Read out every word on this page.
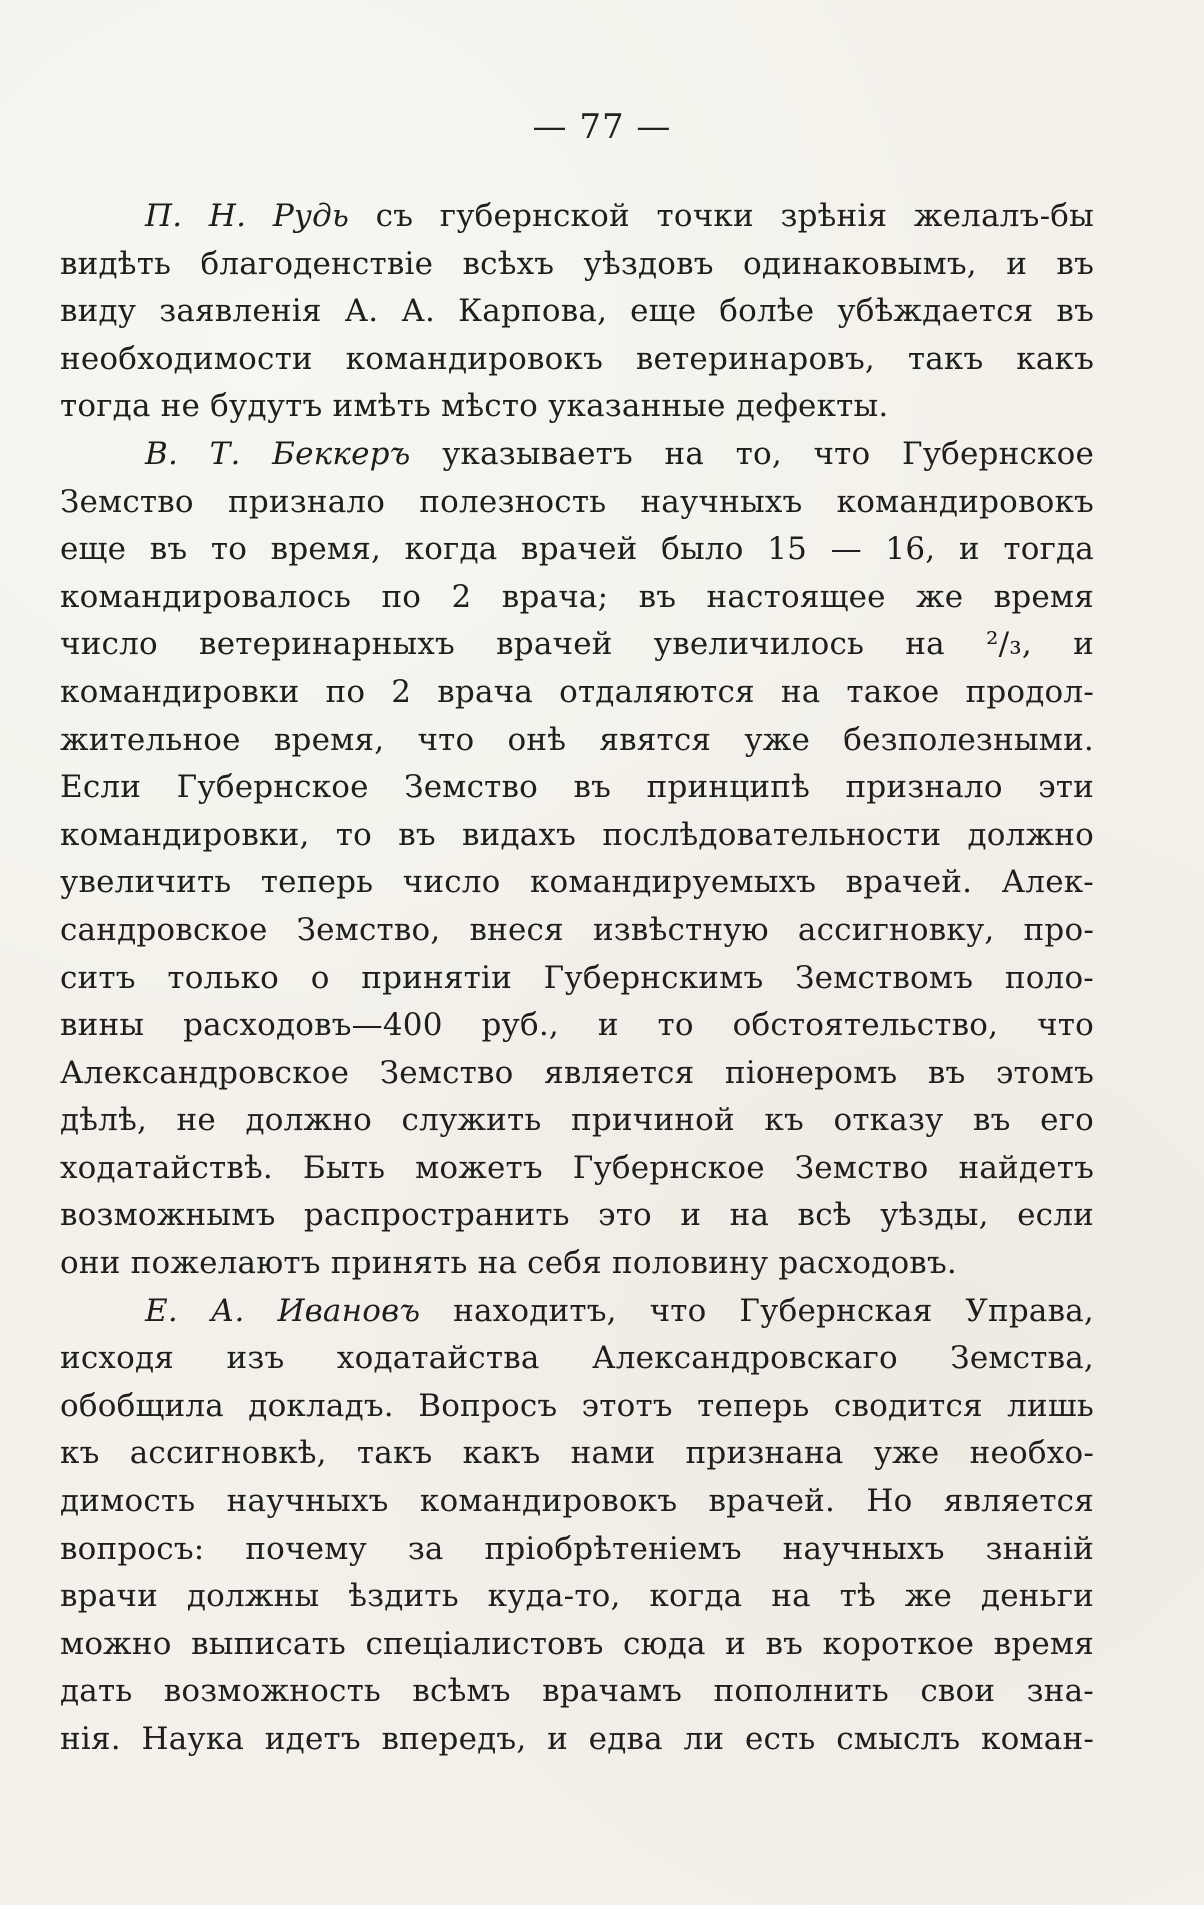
— 77 —
П. Н. Рудь съ губернской точки зрѣнія желалъ-бы
видѣть благоденствіе всѣхъ уѣздовъ одинаковымъ, и въ
виду заявленія А. А. Карпова, еще болѣе убѣждается въ
необходимости командировокъ ветеринаровъ, такъ какъ
тогда не будутъ имѣть мѣсто указанные дефекты.
В. Т. Беккеръ указываетъ на то, что Губернское
Земство признало полезность научныхъ командировокъ
еще въ то время, когда врачей было 15 — 16, и тогда
командировалось по 2 врача; въ настоящее же время
число ветеринарныхъ врачей увеличилось на ²/₃, и
командировки по 2 врача отдаляются на такое продол-
жительное время, что онѣ явятся уже безполезными.
Если Губернское Земство въ принципѣ признало эти
командировки, то въ видахъ послѣдовательности должно
увеличить теперь число командируемыхъ врачей. Алек-
сандровское Земство, внеся извѣстную ассигновку, про-
ситъ только о принятіи Губернскимъ Земствомъ поло-
вины расходовъ—400 руб., и то обстоятельство, что
Александровское Земство является піонеромъ въ этомъ
дѣлѣ, не должно служить причиной къ отказу въ его
ходатайствѣ. Быть можетъ Губернское Земство найдетъ
возможнымъ распространить это и на всѣ уѣзды, если
они пожелаютъ принять на себя половину расходовъ.
Е. А. Ивановъ находитъ, что Губернская Управа,
исходя изъ ходатайства Александровскаго Земства,
обобщила докладъ. Вопросъ этотъ теперь сводится лишь
къ ассигновкѣ, такъ какъ нами признана уже необхо-
димость научныхъ командировокъ врачей. Но является
вопросъ: почему за пріобрѣтеніемъ научныхъ знаній
врачи должны ѣздить куда-то, когда на тѣ же деньги
можно выписать спеціалистовъ сюда и въ короткое время
дать возможность всѣмъ врачамъ пополнить свои зна-
нія. Наука идетъ впередъ, и едва ли есть смыслъ коман-
